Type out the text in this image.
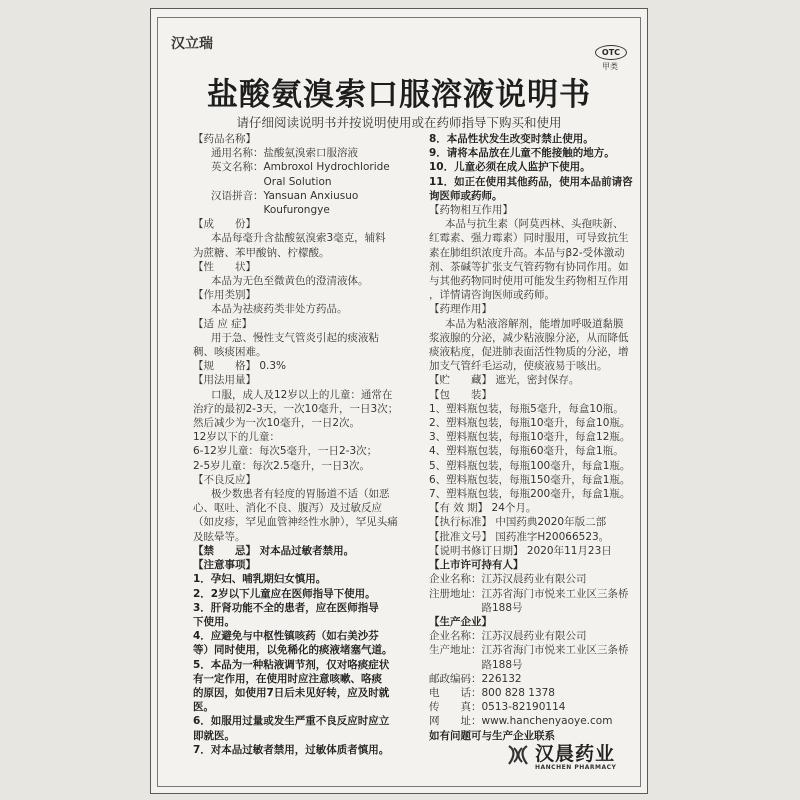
汉立瑞
OTC
甲类
盐酸氨溴索口服溶液说明书
请仔细阅读说明书并按说明使用或在药师指导下购买和使用
【药品名称】
通用名称：盐酸氨溴索口服溶液
英文名称：Ambroxol Hydrochloride
　　　　　Oral Solution
汉语拼音：Yansuan Anxiusuo
　　　　　Koufurongye
【成　　份】
本品每毫升含盐酸氨溴索3毫克，辅料
为蔗糖、苯甲酸钠、柠檬酸。
【性　　状】
本品为无色至微黄色的澄清液体。
【作用类别】
本品为祛痰药类非处方药品。
【适 应 症】
用于急、慢性支气管炎引起的痰液粘
稠、咳痰困难。
【规　　格】 0.3%
【用法用量】
口服，成人及12岁以上的儿童：通常在
治疗的最初2-3天，一次10毫升，一日3次；
然后减少为一次10毫升，一日2次。
12岁以下的儿童：
6-12岁儿童：每次5毫升，一日2-3次；
2-5岁儿童：每次2.5毫升，一日3次。
【不良反应】
极少数患者有轻度的胃肠道不适（如恶
心、呕吐、消化不良、腹泻）及过敏反应
（如皮疹，罕见血管神经性水肿），罕见头痛
及眩晕等。
【禁　　忌】 对本品过敏者禁用。
【注意事项】
1．孕妇、哺乳期妇女慎用。
2．2岁以下儿童应在医师指导下使用。
3．肝肾功能不全的患者，应在医师指导
下使用。
4．应避免与中枢性镇咳药（如右美沙芬
等）同时使用，以免稀化的痰液堵塞气道。
5．本品为一种粘液调节剂，仅对咯痰症状
有一定作用，在使用时应注意咳嗽、咯痰
的原因，如使用7日后未见好转，应及时就
医。
6．如服用过量或发生严重不良反应时应立
即就医。
7．对本品过敏者禁用，过敏体质者慎用。
8．本品性状发生改变时禁止使用。
9．请将本品放在儿童不能接触的地方。
10．儿童必须在成人监护下使用。
11．如正在使用其他药品，使用本品前请咨
询医师或药师。
【药物相互作用】
本品与抗生素（阿莫西林、头孢呋新、
红霉素、强力霉素）同时服用，可导致抗生
素在肺组织浓度升高。本品与β2-受体激动
剂、茶碱等扩张支气管药物有协同作用。如
与其他药物同时使用可能发生药物相互作用
，详情请咨询医师或药师。
【药理作用】
本品为粘液溶解剂，能增加呼吸道黏膜
浆液腺的分泌，减少粘液腺分泌，从而降低
痰液粘度，促进肺表面活性物质的分泌，增
加支气管纤毛运动，使痰液易于咳出。
【贮　　藏】 遮光，密封保存。
【包　　装】
1、塑料瓶包装，每瓶5毫升，每盒10瓶。
2、塑料瓶包装，每瓶10毫升，每盒10瓶。
3、塑料瓶包装，每瓶10毫升，每盒12瓶。
4、塑料瓶包装，每瓶60毫升，每盒1瓶。
5、塑料瓶包装，每瓶100毫升，每盒1瓶。
6、塑料瓶包装，每瓶150毫升，每盒1瓶。
7、塑料瓶包装，每瓶200毫升，每盒1瓶。
【有 效 期】 24个月。
【执行标准】 中国药典2020年版二部
【批准文号】 国药准字H20066523。
【说明书修订日期】 2020年11月23日
【上市许可持有人】
企业名称：江苏汉晨药业有限公司
注册地址：江苏省海门市悦来工业区三条桥
　　　　　路188号
【生产企业】
企业名称：江苏汉晨药业有限公司
生产地址：江苏省海门市悦来工业区三条桥
　　　　　路188号
邮政编码：226132
电　　话：800 828 1378
传　　真：0513-82190114
网　　址：www.hanchenyaoye.com
如有问题可与生产企业联系
汉晨药业
HANCHEN PHARMACY
